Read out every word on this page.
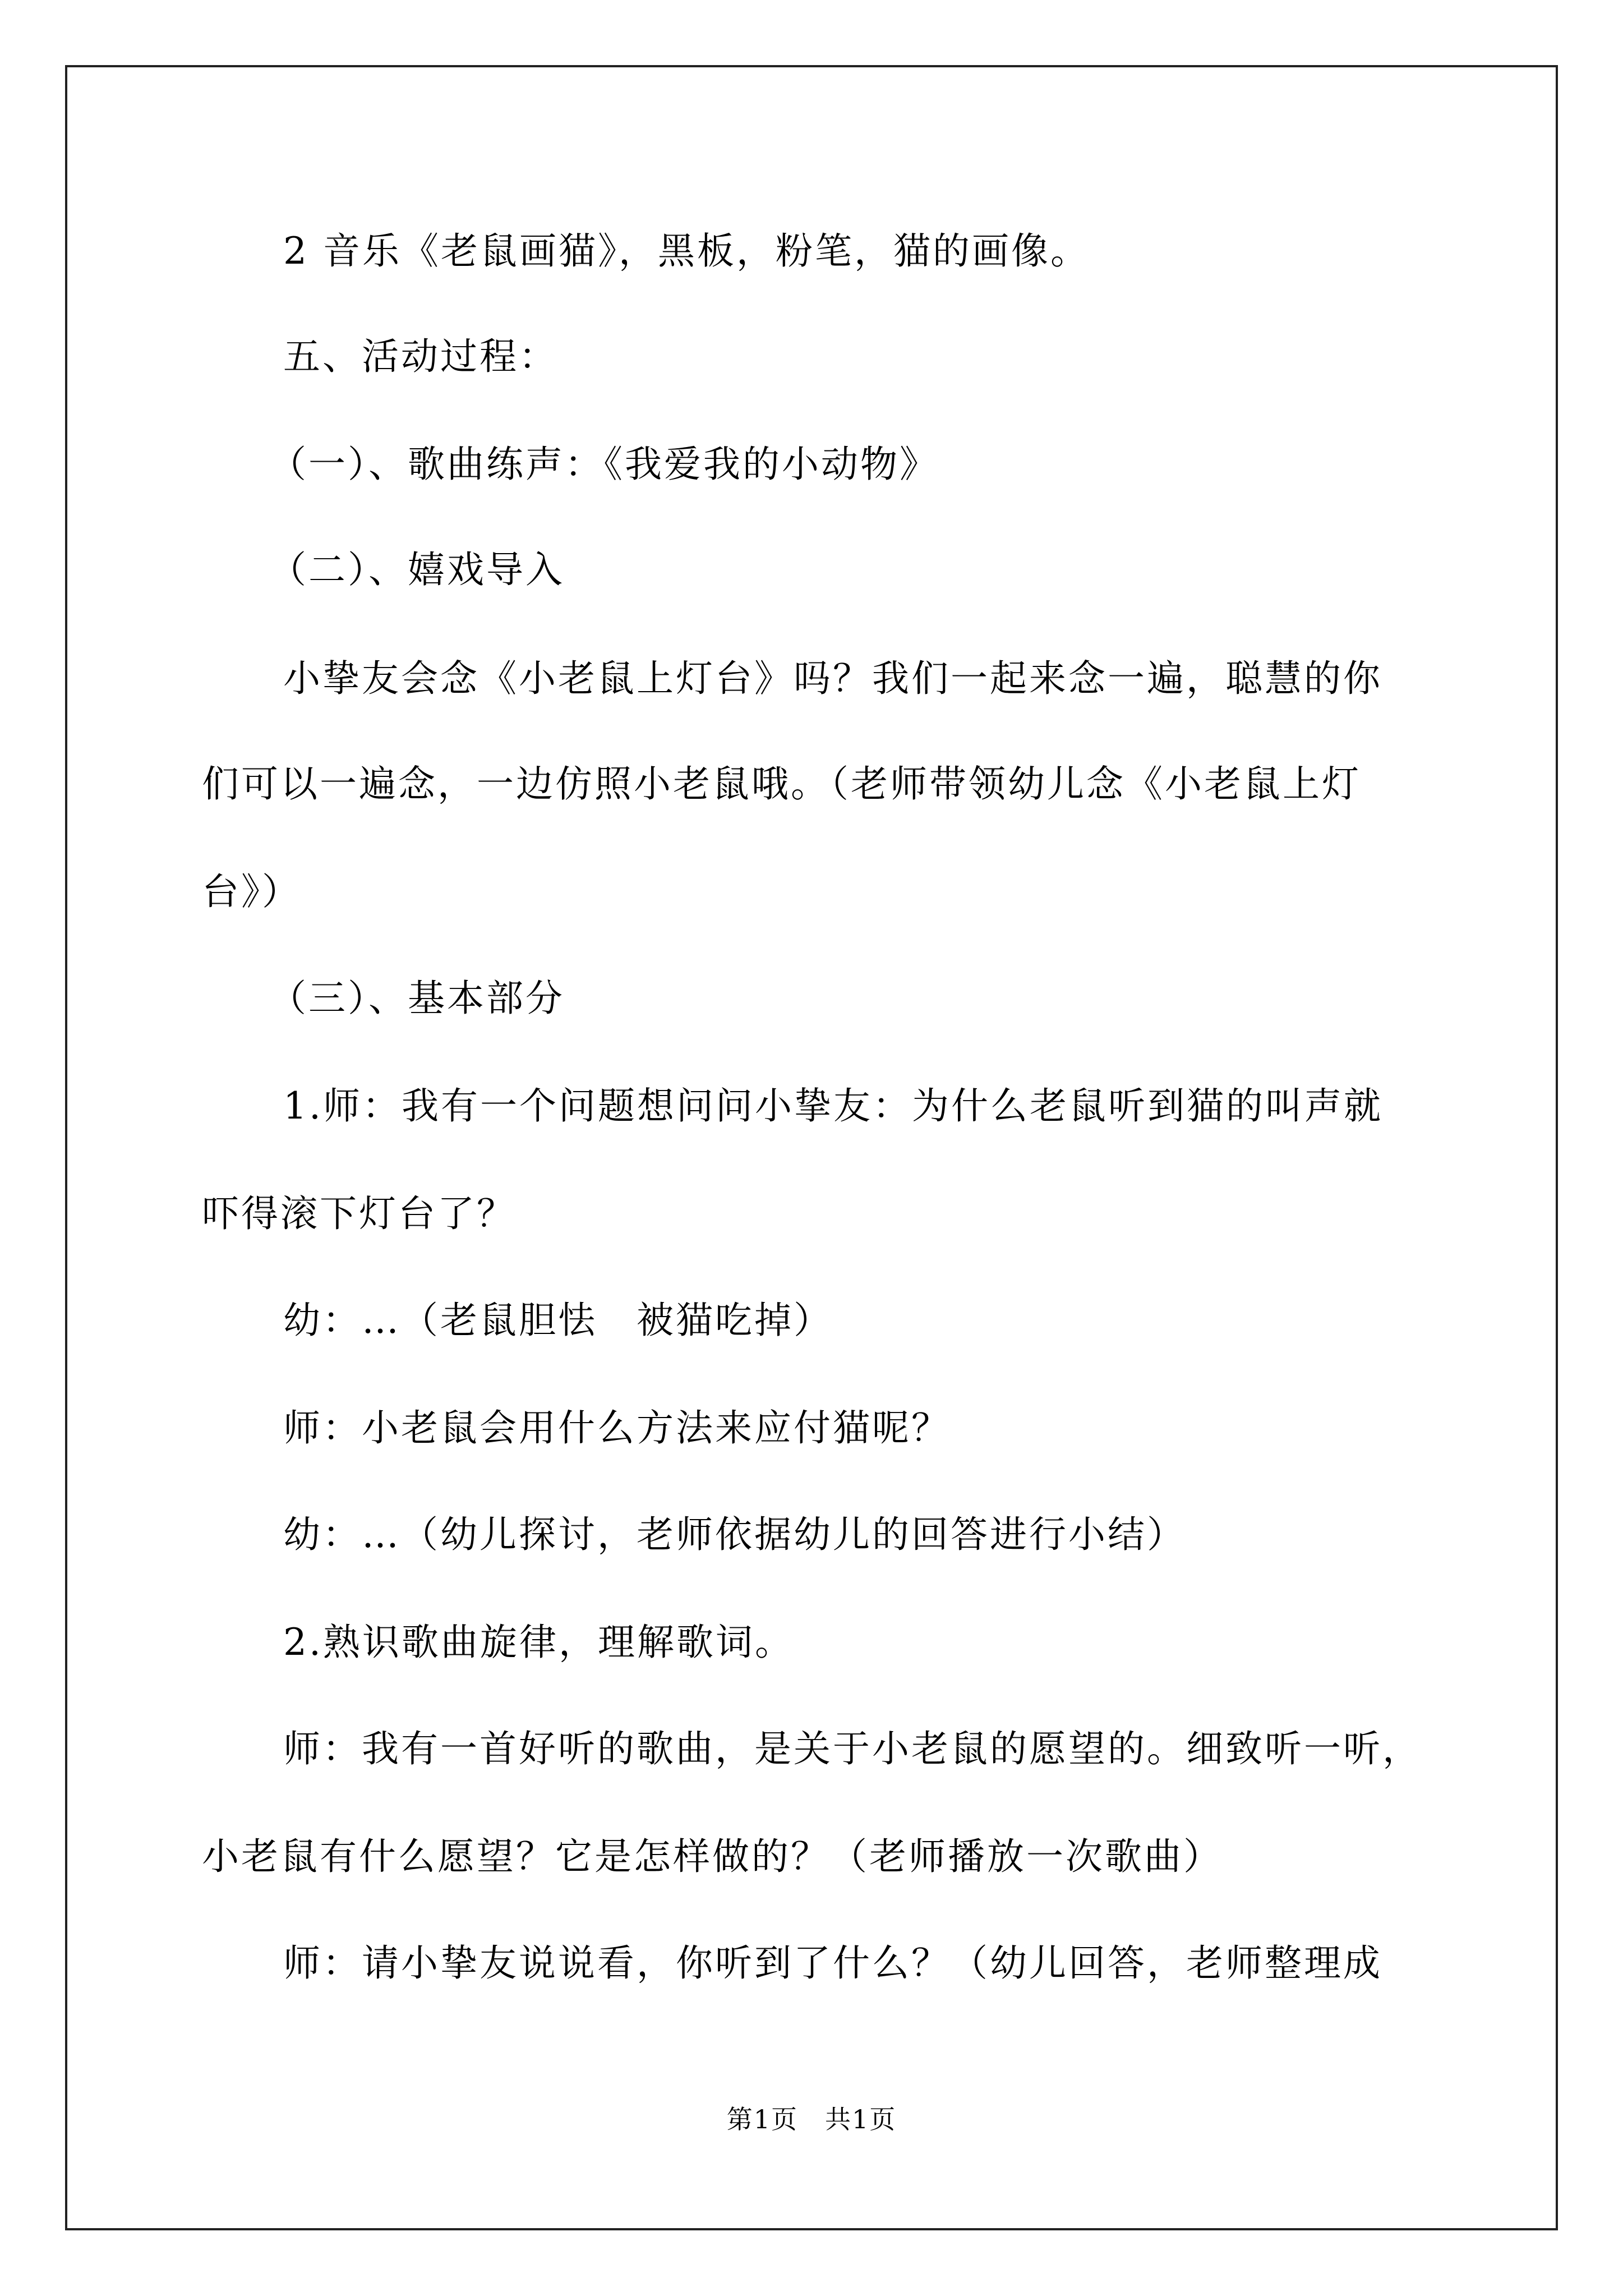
2 音乐《老鼠画猫》，黑板，粉笔，猫的画像。
五、活动过程：
（一）、歌曲练声：《我爱我的小动物》
（二）、嬉戏导入
小挚友会念《小老鼠上灯台》吗？我们一起来念一遍，聪慧的你
们可以一遍念，一边仿照小老鼠哦。（老师带领幼儿念《小老鼠上灯
台》）
（三）、基本部分
1.师：我有一个问题想问问小挚友：为什么老鼠听到猫的叫声就
吓得滚下灯台了？
幼：…（老鼠胆怯　被猫吃掉）
师：小老鼠会用什么方法来应付猫呢？
幼：…（幼儿探讨，老师依据幼儿的回答进行小结）
2.熟识歌曲旋律，理解歌词。
师：我有一首好听的歌曲，是关于小老鼠的愿望的。细致听一听，
小老鼠有什么愿望？它是怎样做的？（老师播放一次歌曲）
师：请小挚友说说看，你听到了什么？（幼儿回答，老师整理成
第1页　共1页
